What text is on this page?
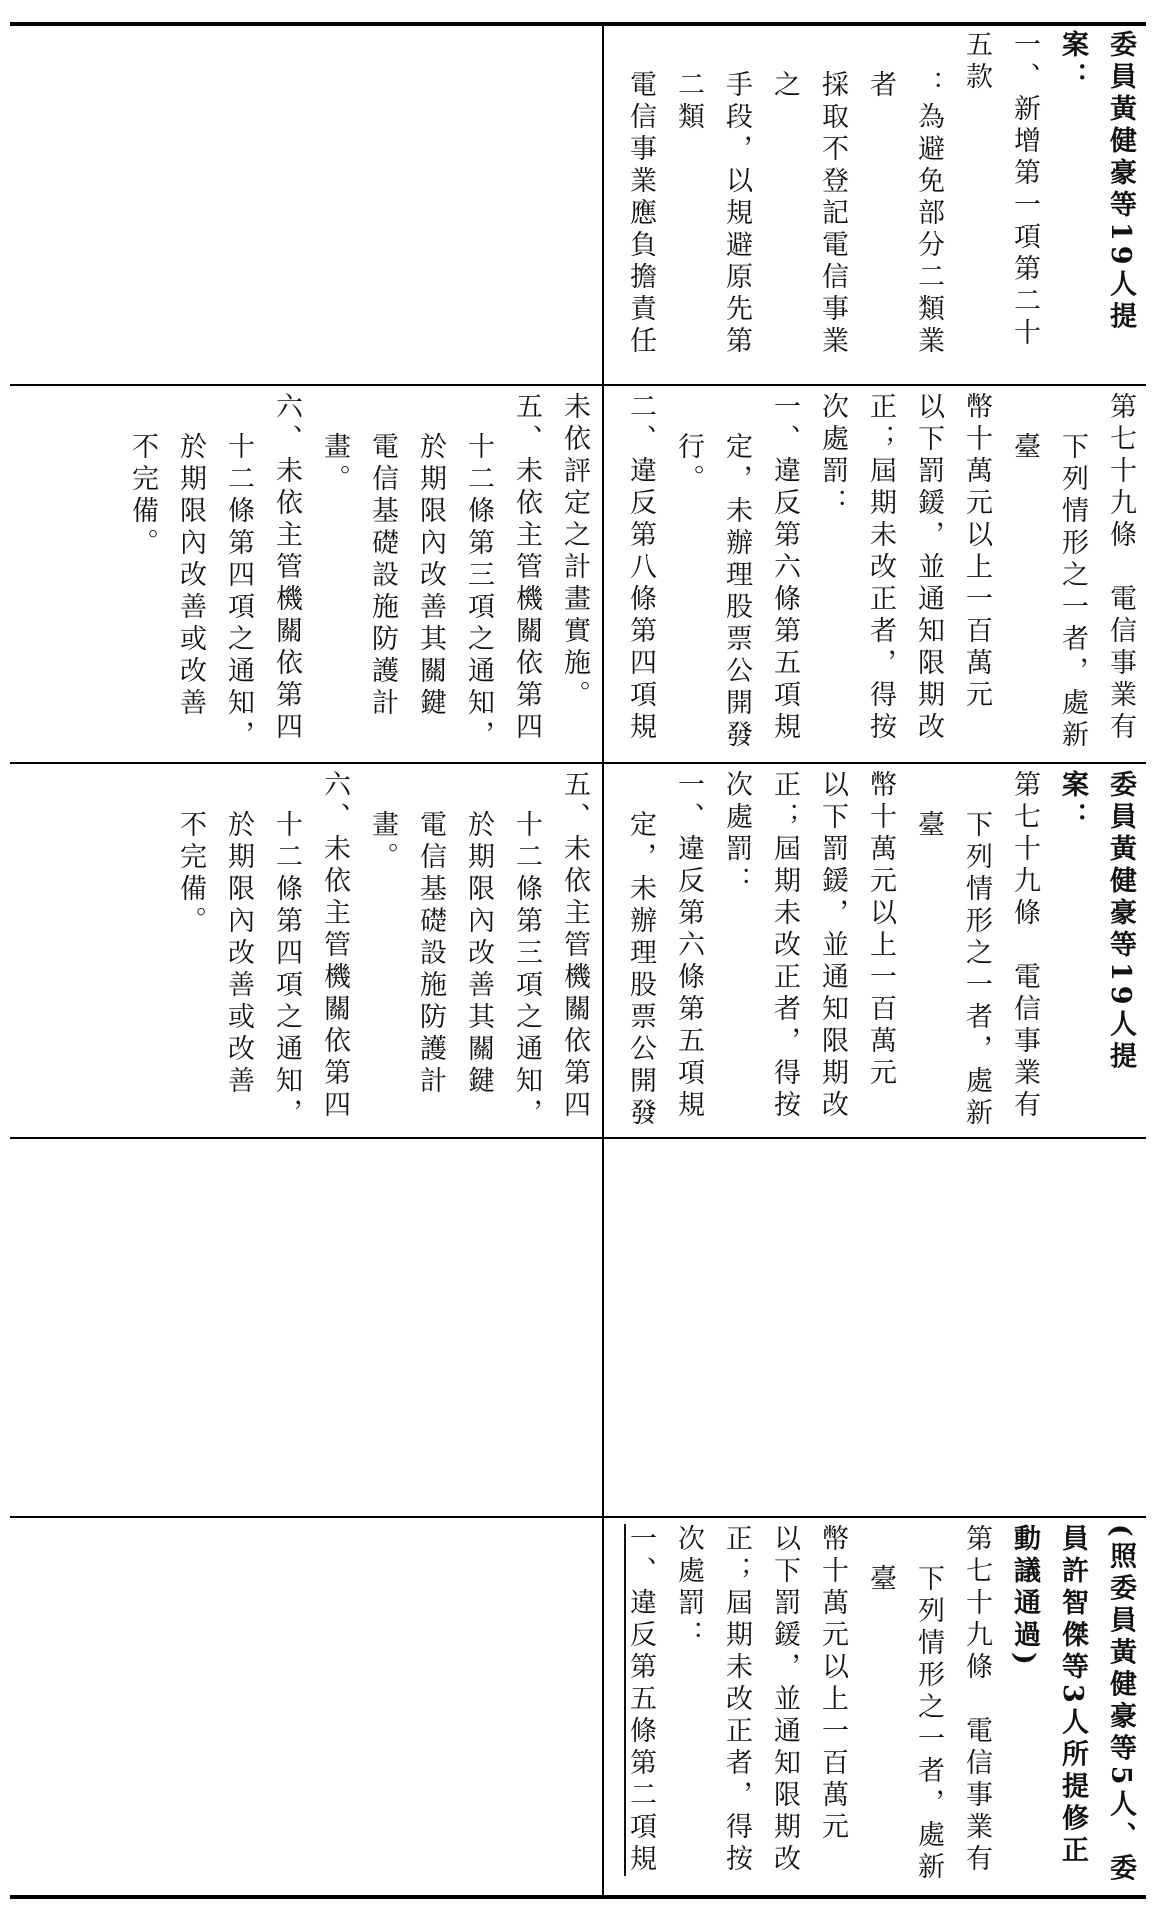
未依評定之計畫實施。

五、未依主管機關依第四

十二條第三項之通知，

於期限內改善其關鍵

電信基礎設施防護計

畫。

六、未依主管機關依第四

十二條第四項之通知，

於期限內改善或改善

不完備。

五、未依主管機關依第四

十二條第三項之通知，

於期限內改善其關鍵

電信基礎設施防護計

畫。

六、未依主管機關依第四

十二條第四項之通知，

於期限內改善或改善

不完備。

委員黃健豪等19人提案：

一、新增第一項第二十五款

：為避免部分二類業者

採取不登記電信事業之

手段，以規避原先第二類

電信事業應負擔責任

第七十九條　電信事業有

下列情形之一者，處新臺

幣十萬元以上一百萬元

以下罰鍰，並通知限期改

正；屆期未改正者，得按

次處罰：

一、違反第六條第五項規

定，未辦理股票公開發

行。

二、違反第八條第四項規

委員黃健豪等19人提案：

第七十九條　電信事業有

下列情形之一者，處新臺

幣十萬元以上一百萬元

以下罰鍰，並通知限期改

正；屆期未改正者，得按

次處罰：

一、違反第六條第五項規

定，未辦理股票公開發

(照委員黃健豪等5人、委員許智傑等3人所提修正動議通過)

第七十九條　電信事業有

下列情形之一者，處新臺

幣十萬元以上一百萬元

以下罰鍰，並通知限期改

正；屆期未改正者，得按

次處罰：

一、違反第五條第二項規
